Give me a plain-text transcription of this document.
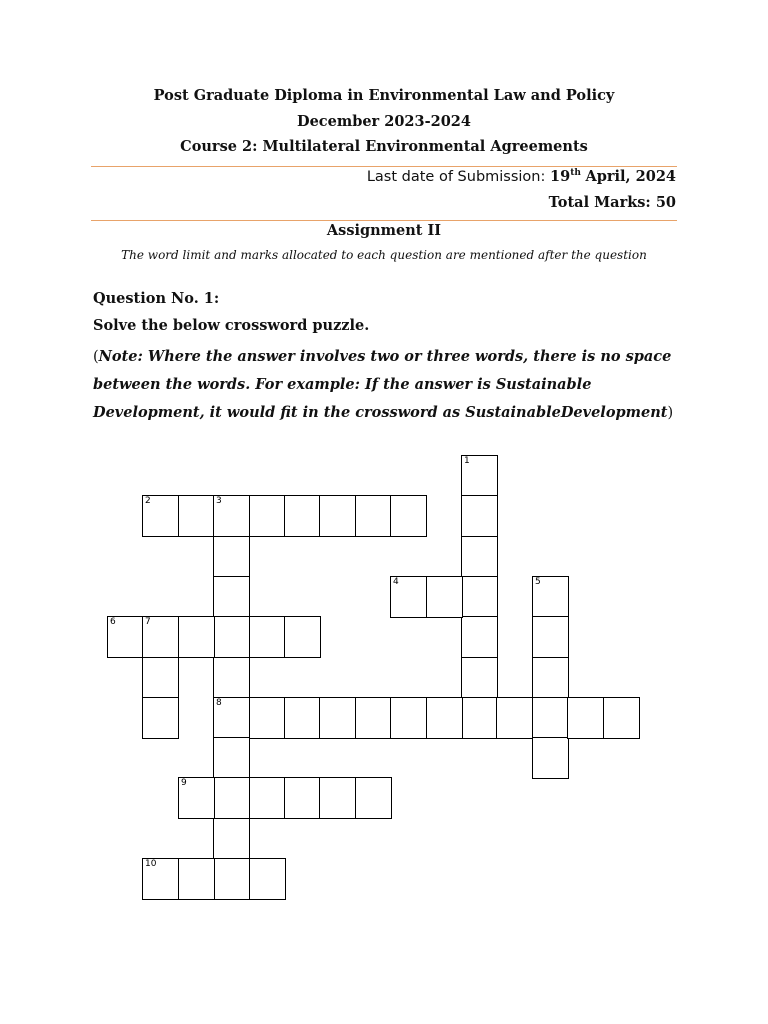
Post Graduate Diploma in Environmental Law and Policy
December 2023-2024
Course 2: Multilateral Environmental Agreements
Last date of Submission: 19th April, 2024
Total Marks: 50
Assignment II
The word limit and marks allocated to each question are mentioned after the question
Question No. 1:
Solve the below crossword puzzle.
(Note: Where the answer involves two or three words, there is no space between the words. For example: If the answer is Sustainable Development, it would fit in the crossword as SustainableDevelopment)
1
2	3
8
4	5
6	7
9
10
